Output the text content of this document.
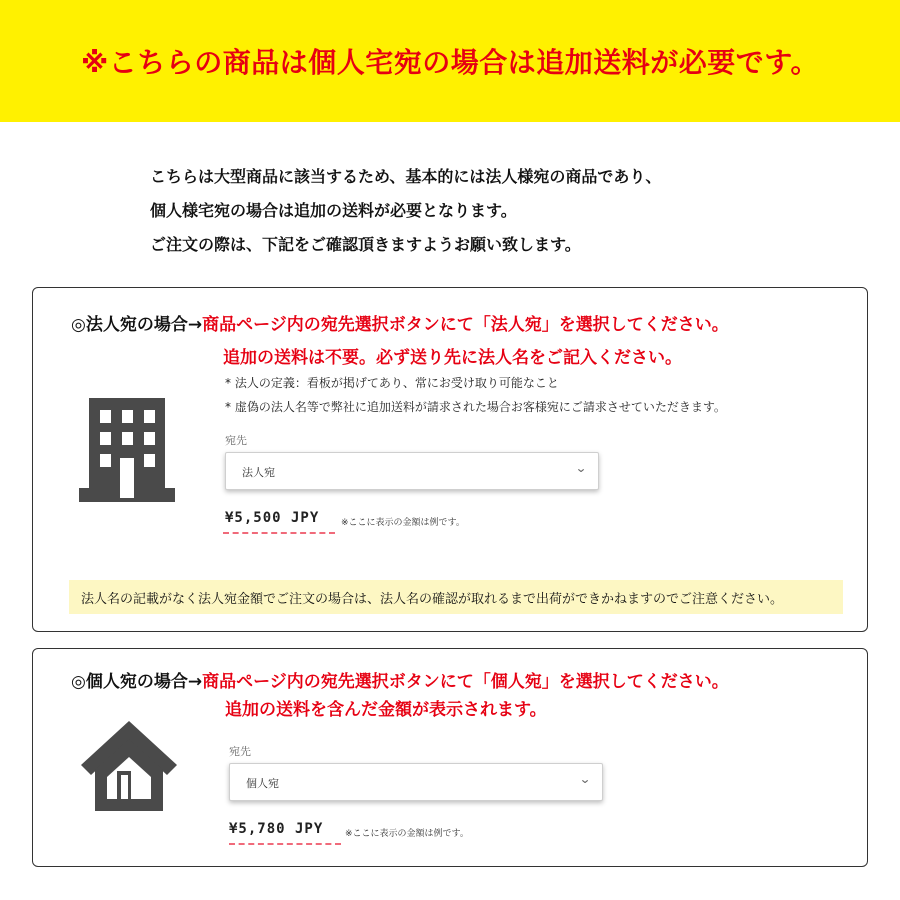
※こちらの商品は個人宅宛の場合は追加送料が必要です。
こちらは大型商品に該当するため、基本的には法人様宛の商品であり、
個人様宅宛の場合は追加の送料が必要となります。
ご注文の際は、下記をご確認頂きますようお願い致します。
◎法人宛の場合→商品ページ内の宛先選択ボタンにて「法人宛」を選択してください。
追加の送料は不要。必ず送り先に法人名をご記入ください。
* 法人の定義：看板が掲げてあり、常にお受け取り可能なこと
* 虚偽の法人名等で弊社に追加送料が請求された場合お客様宛にご請求させていただきます。
宛先
法人宛	⌄
¥5,500 JPY ※ここに表示の金額は例です。
法人名の記載がなく法人宛金額でご注文の場合は、法人名の確認が取れるまで出荷ができかねますのでご注意ください。
◎個人宛の場合→商品ページ内の宛先選択ボタンにて「個人宛」を選択してください。
追加の送料を含んだ金額が表示されます。
宛先
個人宛	⌄
¥5,780 JPY ※ここに表示の金額は例です。
